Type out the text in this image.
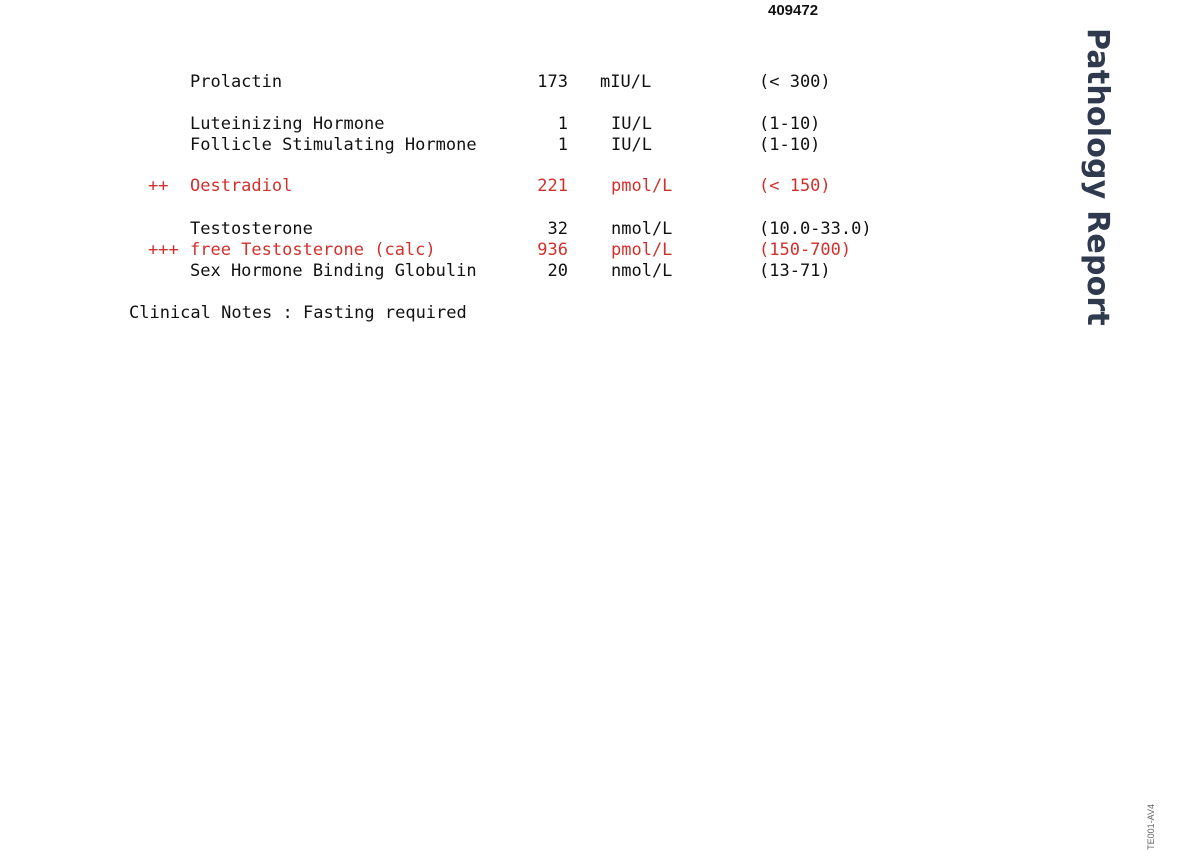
409472
Prolactin	173 mIU/L	(< 300)
Luteinizing Hormone	1	IU/L	(1-10)
Follicle Stimulating Hormone	1	IU/L	(1-10)
++ Oestradiol	221	pmol/L	(< 150)
Testosterone	32	nmol/L	(10.0-33.0)
+++ free Testosterone (calc)	936	pmol/L	(150-700)
Sex Hormone Binding Globulin	20	nmol/L	(13-71)
Clinical Notes : Fasting required	Pathology Report
TE001-AV4
